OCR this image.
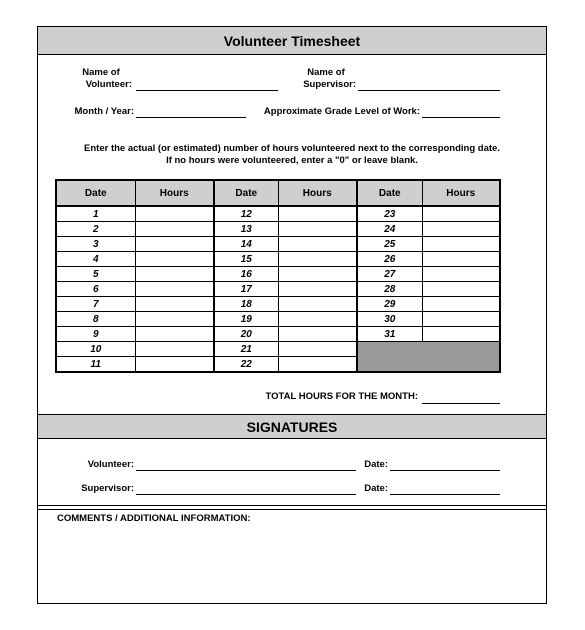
Volunteer Timesheet
Name of
Volunteer:
Name of
Supervisor:
Month / Year:	Approximate Grade Level of Work:
Enter the actual (or estimated) number of hours volunteered next to the corresponding date.
If no hours were volunteered, enter a "0" or leave blank.
Date	Hours	Date	Hours	Date	Hours
1		12		23	
2		13		24	
3		14		25	
4		15		26	
5		16		27	
6		17		28	
7		18		29	
8		19		30	
9		20		31	
10		21			
11		22			
TOTAL HOURS FOR THE MONTH:
SIGNATURES
Volunteer:	Date:
Supervisor:	Date:
COMMENTS / ADDITIONAL INFORMATION:
